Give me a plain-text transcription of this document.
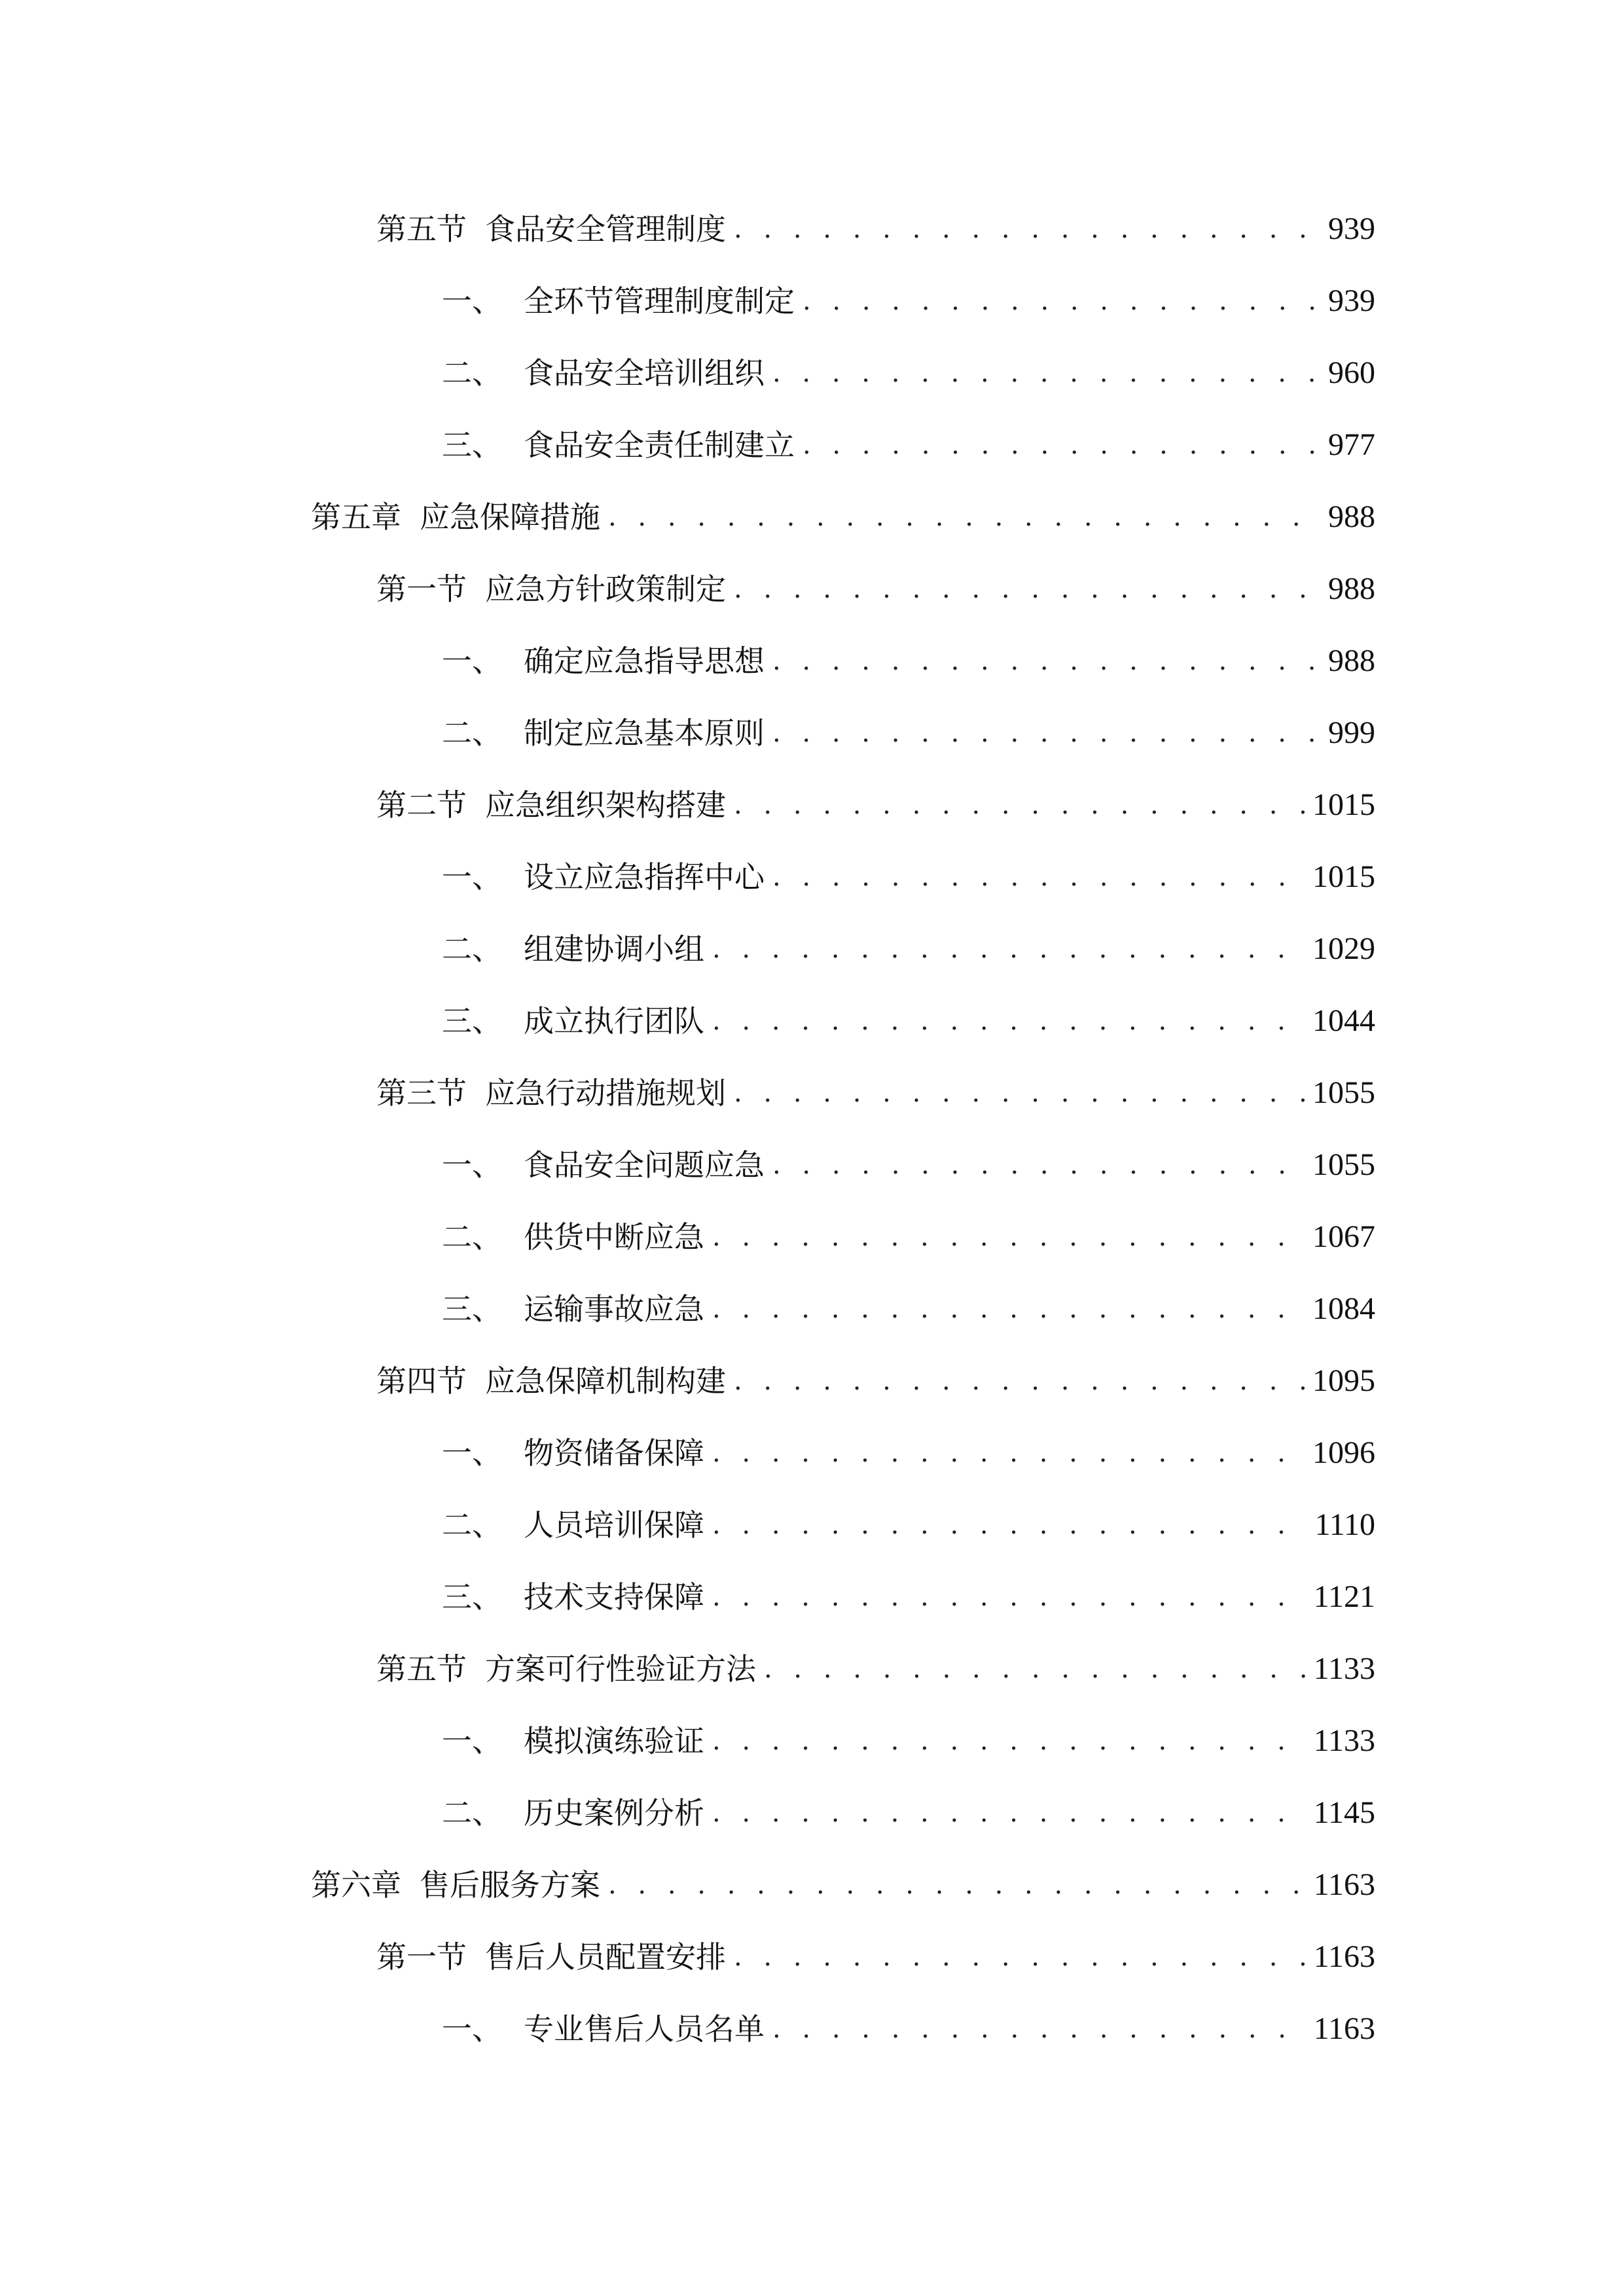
第五节 食品安全管理制度 . . .	939
一、 全环节管理制度制定 . . .	939
二、 食品安全培训组织 . . .	960
三、 食品安全责任制建立 . . .	977
第五章 应急保障措施 . . .	988
第一节 应急方针政策制定 . . .	988
一、 确定应急指导思想 . . .	988
二、 制定应急基本原则 . . .	999
第二节 应急组织架构搭建 . . .	1015
一、 设立应急指挥中心 . . .	1015
二、 组建协调小组 . . .	1029
三、 成立执行团队 . . .	1044
第三节 应急行动措施规划 . . .	1055
一、 食品安全问题应急 . . .	1055
二、 供货中断应急 . . .	1067
三、 运输事故应急 . . .	1084
第四节 应急保障机制构建 . . .	1095
一、 物资储备保障 . . .	1096
二、 人员培训保障 . . .	1110
三、 技术支持保障 . . .	1121
第五节 方案可行性验证方法 . . .	1133
一、 模拟演练验证 . . .	1133
二、 历史案例分析 . . .	1145
第六章 售后服务方案 . . .	1163
第一节 售后人员配置安排 . . .	1163
一、 专业售后人员名单 . . .	1163
